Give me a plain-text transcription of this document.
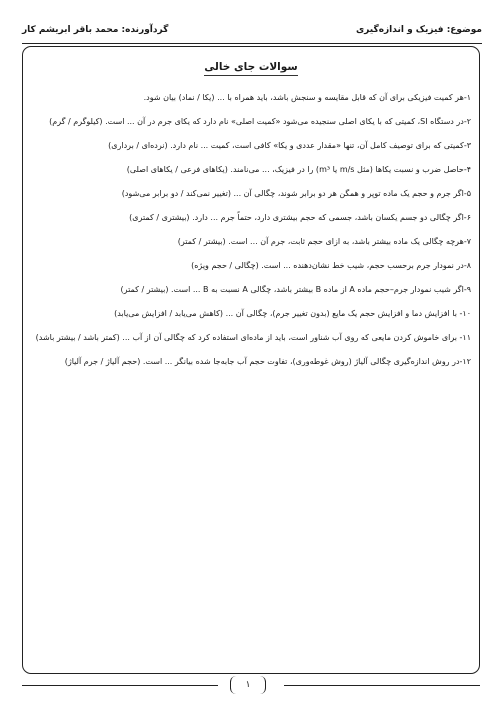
موضوع: فیزیک و اندازه‌گیری
گردآورنده: محمد باقر ابریشم کار
سوالات جای خالی

۱-هر کمیت فیزیکی برای آن که قابل مقایسه و سنجش باشد، باید همراه با ... (یکا / نماد) بیان شود.

۲-در دستگاه SI، کمیتی که با یکای اصلی سنجیده می‌شود «کمیت اصلی» نام دارد که یکای جرم در آن ... است. (کیلوگرم / گرم)

۳-کمیتی که برای توصیف کامل آن، تنها «مقدار عددی و یکا» کافی است، کمیت ... نام دارد. (نرده‌ای / برداری)

۴-حاصل ضرب و نسبت یکاها (مثل m/s یا m³) را در فیزیک، ... می‌نامند. (یکاهای فرعی / یکاهای اصلی)

۵-اگر جرم و حجم یک ماده توپر و همگن هر دو برابر شوند، چگالی آن ... (تغییر نمی‌کند / دو برابر می‌شود)

۶-اگر چگالی دو جسم یکسان باشد، جسمی که حجم بیشتری دارد، حتماً جرم ... دارد. (بیشتری / کمتری)

۷-هرچه چگالی یک ماده بیشتر باشد، به ازای حجم ثابت، جرم آن ... است. (بیشتر / کمتر)

۸-در نمودار جرم برحسب حجم، شیب خط نشان‌دهنده ... است. (چگالی / حجم ویژه)

۹-اگر شیب نمودار جرم–حجم ماده A از ماده B بیشتر باشد، چگالی A نسبت به B ... است. (بیشتر / کمتر)

۱۰- با افزایش دما و افزایش حجم یک مایع (بدون تغییر جرم)، چگالی آن ... (کاهش می‌یابد / افزایش می‌یابد)

۱۱- برای خاموش کردن مایعی که روی آب شناور است، باید از ماده‌ای استفاده کرد که چگالی آن از آب ... (کمتر باشد / بیشتر باشد)

۱۲-در روش اندازه‌گیری چگالی آلیاژ (روش غوطه‌وری)، تفاوت حجم آب جابه‌جا شده بیانگر ... است. (حجم آلیاژ / جرم آلیاژ)

۱
